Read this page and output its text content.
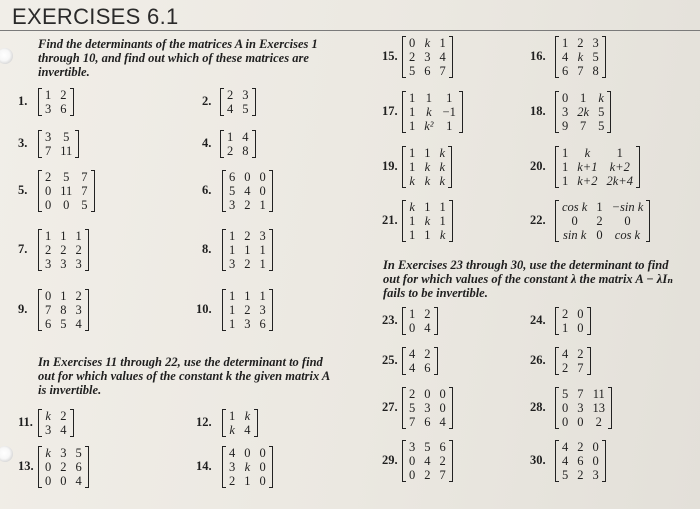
EXERCISES 6.1
Find the determinants of the matrices A in Exercises 1
through 10, and find out which of these matrices are
invertible.
In Exercises 11 through 22, use the determinant to find
out for which values of the constant k the given matrix A
is invertible.
In Exercises 23 through 30, use the determinant to find
out for which values of the constant λ the matrix A − λIₙ
fails to be invertible.
1. 1 2
3 6
2. 2 3
4 5
3. 3 5
7 11
4. 1 4
2 8
5.
2 5 7
0 11 7
0 0 5
6.
6 0 0
5 4 0
3 2 1
7.
1 1 1
2 2 2
3 3 3
8.
1 2 3
1 1 1
3 2 1
9.
0 1 2
7 8 3
6 5 4
10.
1 1 1
1 2 3
1 3 6
11. k 2
3 4
12. 1 k
k 4
13.
k 3 5
0 2 6
0 0 4
14.
4 0 0
3 k 0
2 1 0
15.
0 k 1
2 3 4
5 6 7
16.
1 2 3
4 k 5
6 7 8
17.
1 1 1
1 k −1
1 k² 1
18.
0 1 k
3 2k 5
9 7 5
19.
1 1 k
1 k k
k k k
20.
1	k	1
1 k+1 k+2
1 k+2 2k+4
21.
k 1 1
1 k 1
1 1 k
22.
cos k 1 −sin k
0	2	0
sin k 0 cos k
23. 1 2
0 4
24. 2 0
1 0
25. 4 2
4 6
26. 4 2
2 7
27.
2 0 0
5 3 0
7 6 4
28.
5 7 11
0 3 13
0 0 2
29.
3 5 6
0 4 2
0 2 7
30.
4 2 0
4 6 0
5 2 3
